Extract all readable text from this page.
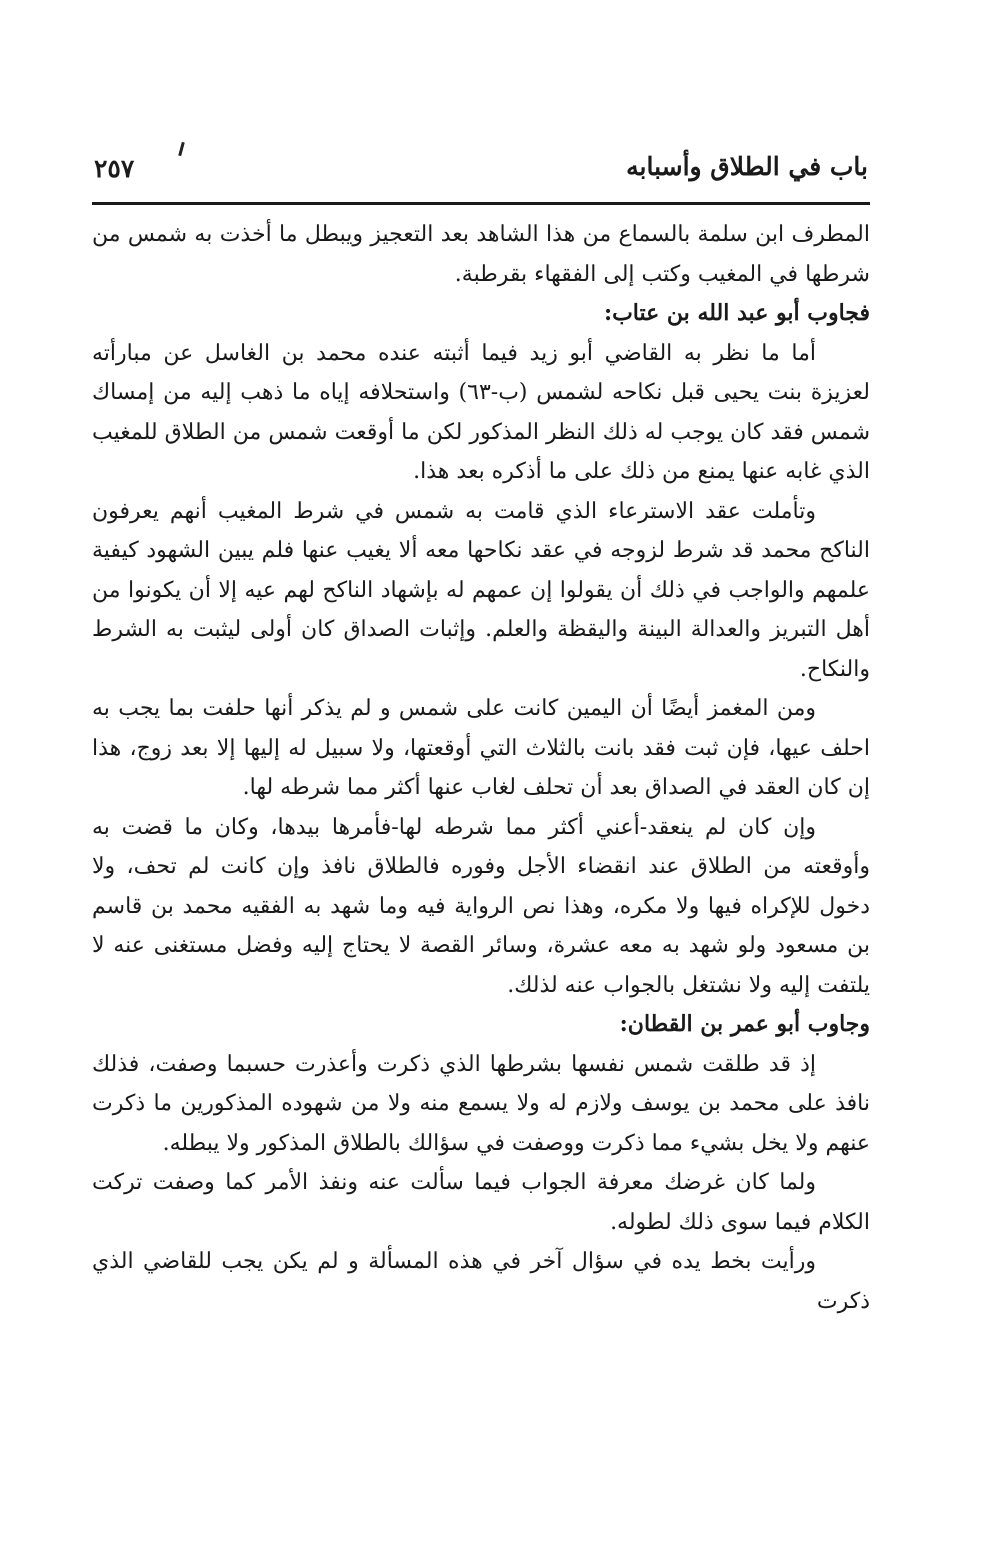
باب في الطلاق وأسبابه
٢٥٧

المطرف ابن سلمة بالسماع من هذا الشاهد بعد التعجيز ويبطل ما أخذت به شمس من شرطها في المغيب وكتب إلى الفقهاء بقرطبة.

فجاوب أبو عبد الله بن عتاب:

أما ما نظر به القاضي أبو زيد فيما أثبته عنده محمد بن الغاسل عن مبارأته لعزيزة بنت يحيى قبل نكاحه لشمس (ب-٦٣) واستحلافه إياه ما ذهب إليه من إمساك شمس فقد كان يوجب له ذلك النظر المذكور لكن ما أوقعت شمس من الطلاق للمغيب الذي غابه عنها يمنع من ذلك على ما أذكره بعد هذا.

وتأملت عقد الاسترعاء الذي قامت به شمس في شرط المغيب أنهم يعرفون الناكح محمد قد شرط لزوجه في عقد نكاحها معه ألا يغيب عنها فلم يبين الشهود كيفية علمهم والواجب في ذلك أن يقولوا إن عمهم له بإشهاد الناكح لهم عيه إلا أن يكونوا من أهل التبريز والعدالة البينة واليقظة والعلم. وإثبات الصداق كان أولى ليثبت به الشرط والنكاح.

ومن المغمز أيضًا أن اليمين كانت على شمس و لم يذكر أنها حلفت بما يجب به احلف عيها، فإن ثبت فقد بانت بالثلاث التي أوقعتها، ولا سبيل له إليها إلا بعد زوج، هذا إن كان العقد في الصداق بعد أن تحلف لغاب عنها أكثر مما شرطه لها.

وإن كان لم ينعقد-أعني أكثر مما شرطه لها-فأمرها بيدها، وكان ما قضت به وأوقعته من الطلاق عند انقضاء الأجل وفوره فالطلاق نافذ وإن كانت لم تحف، ولا دخول للإكراه فيها ولا مكره، وهذا نص الرواية فيه وما شهد به الفقيه محمد بن قاسم بن مسعود ولو شهد به معه عشرة، وسائر القصة لا يحتاج إليه وفضل مستغنى عنه لا يلتفت إليه ولا نشتغل بالجواب عنه لذلك.

وجاوب أبو عمر بن القطان:

إذ قد طلقت شمس نفسها بشرطها الذي ذكرت وأعذرت حسبما وصفت، فذلك نافذ على محمد بن يوسف ولازم له ولا يسمع منه ولا من شهوده المذكورين ما ذكرت عنهم ولا يخل بشيء مما ذكرت ووصفت في سؤالك بالطلاق المذكور ولا يبطله.

ولما كان غرضك معرفة الجواب فيما سألت عنه ونفذ الأمر كما وصفت تركت الكلام فيما سوى ذلك لطوله.

ورأيت بخط يده في سؤال آخر في هذه المسألة و لم يكن يجب للقاضي الذي ذكرت
